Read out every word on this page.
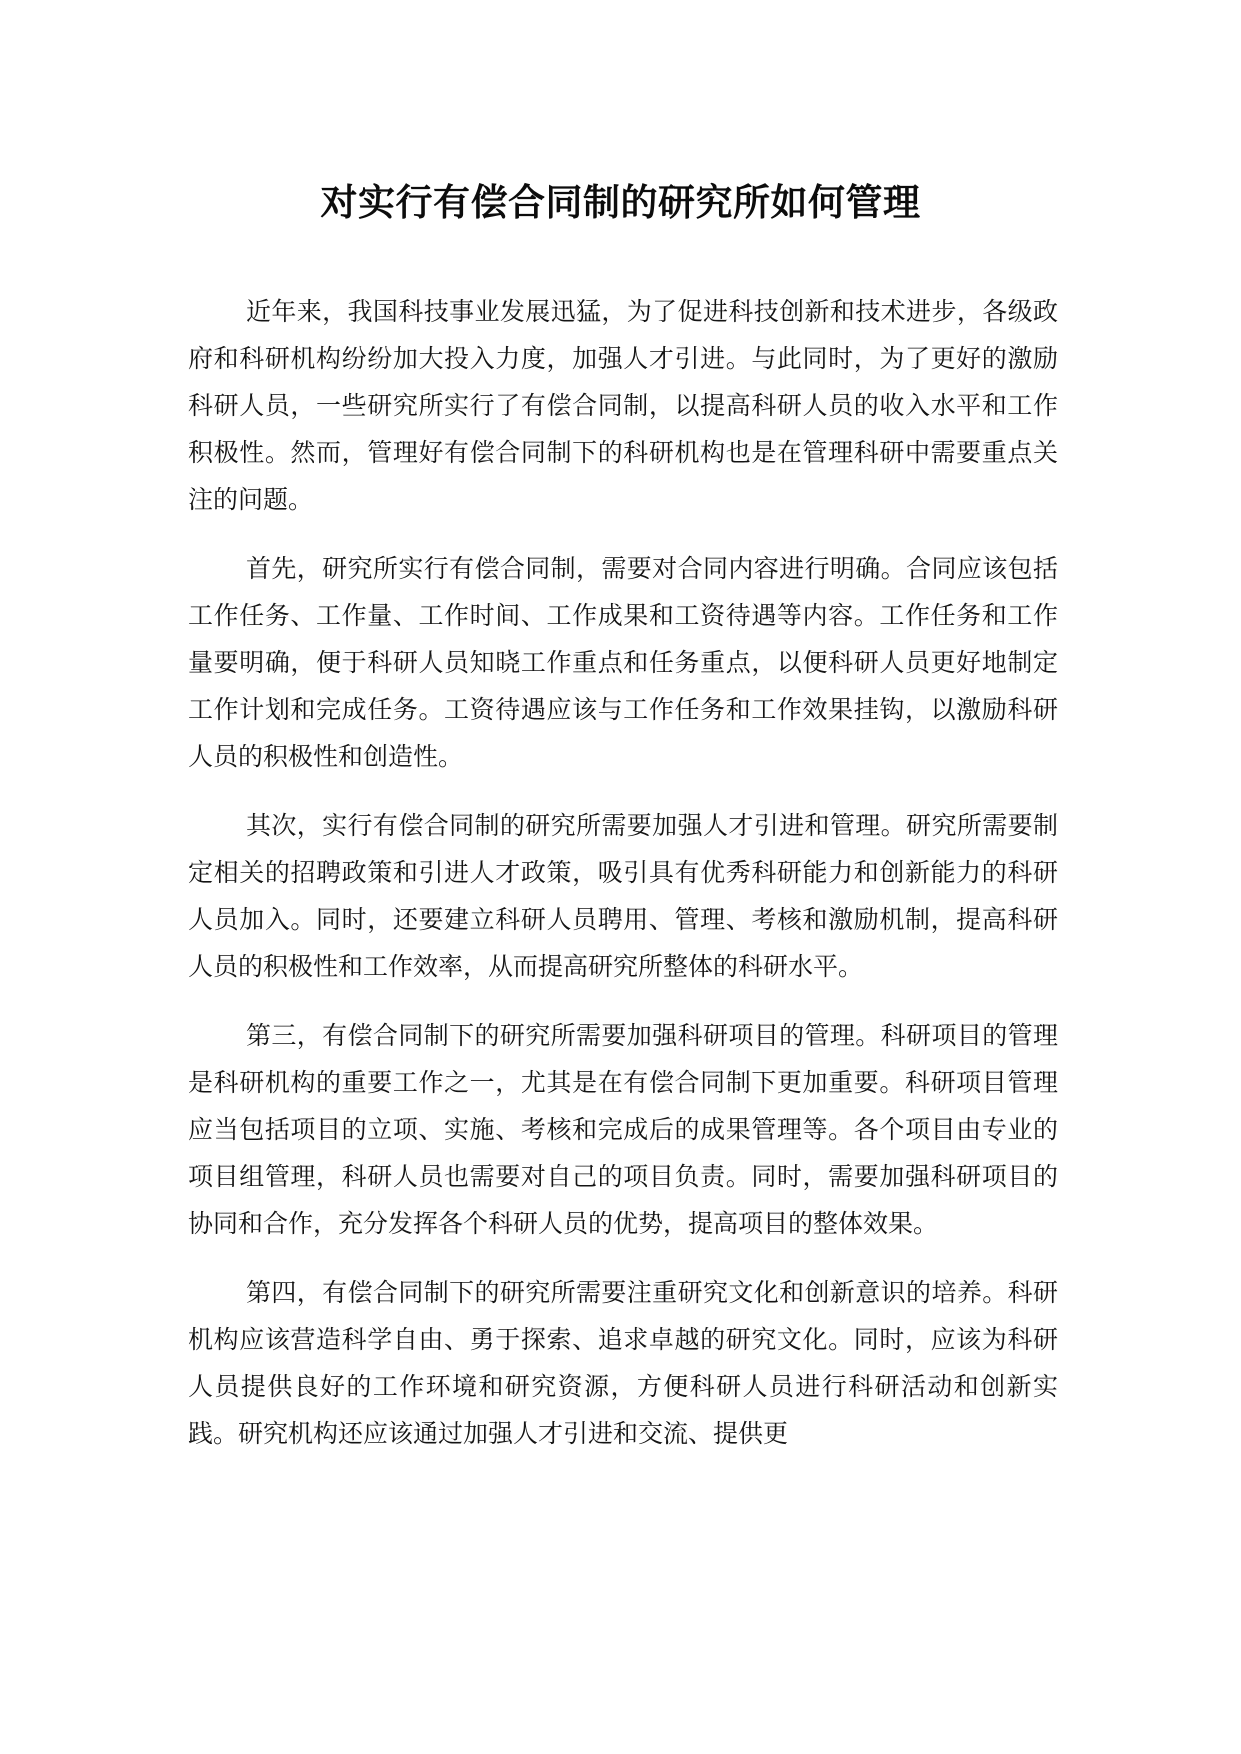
对实行有偿合同制的研究所如何管理

近年来，我国科技事业发展迅猛，为了促进科技创新和技术进步，各级政府和科研机构纷纷加大投入力度，加强人才引进。与此同时，为了更好的激励科研人员，一些研究所实行了有偿合同制，以提高科研人员的收入水平和工作积极性。然而，管理好有偿合同制下的科研机构也是在管理科研中需要重点关注的问题。

首先，研究所实行有偿合同制，需要对合同内容进行明确。合同应该包括工作任务、工作量、工作时间、工作成果和工资待遇等内容。工作任务和工作量要明确，便于科研人员知晓工作重点和任务重点，以便科研人员更好地制定工作计划和完成任务。工资待遇应该与工作任务和工作效果挂钩，以激励科研人员的积极性和创造性。

其次，实行有偿合同制的研究所需要加强人才引进和管理。研究所需要制定相关的招聘政策和引进人才政策，吸引具有优秀科研能力和创新能力的科研人员加入。同时，还要建立科研人员聘用、管理、考核和激励机制，提高科研人员的积极性和工作效率，从而提高研究所整体的科研水平。

第三，有偿合同制下的研究所需要加强科研项目的管理。科研项目的管理是科研机构的重要工作之一，尤其是在有偿合同制下更加重要。科研项目管理应当包括项目的立项、实施、考核和完成后的成果管理等。各个项目由专业的项目组管理，科研人员也需要对自己的项目负责。同时，需要加强科研项目的协同和合作，充分发挥各个科研人员的优势，提高项目的整体效果。

第四，有偿合同制下的研究所需要注重研究文化和创新意识的培养。科研机构应该营造科学自由、勇于探索、追求卓越的研究文化。同时，应该为科研人员提供良好的工作环境和研究资源，方便科研人员进行科研活动和创新实践。研究机构还应该通过加强人才引进和交流、提供更
